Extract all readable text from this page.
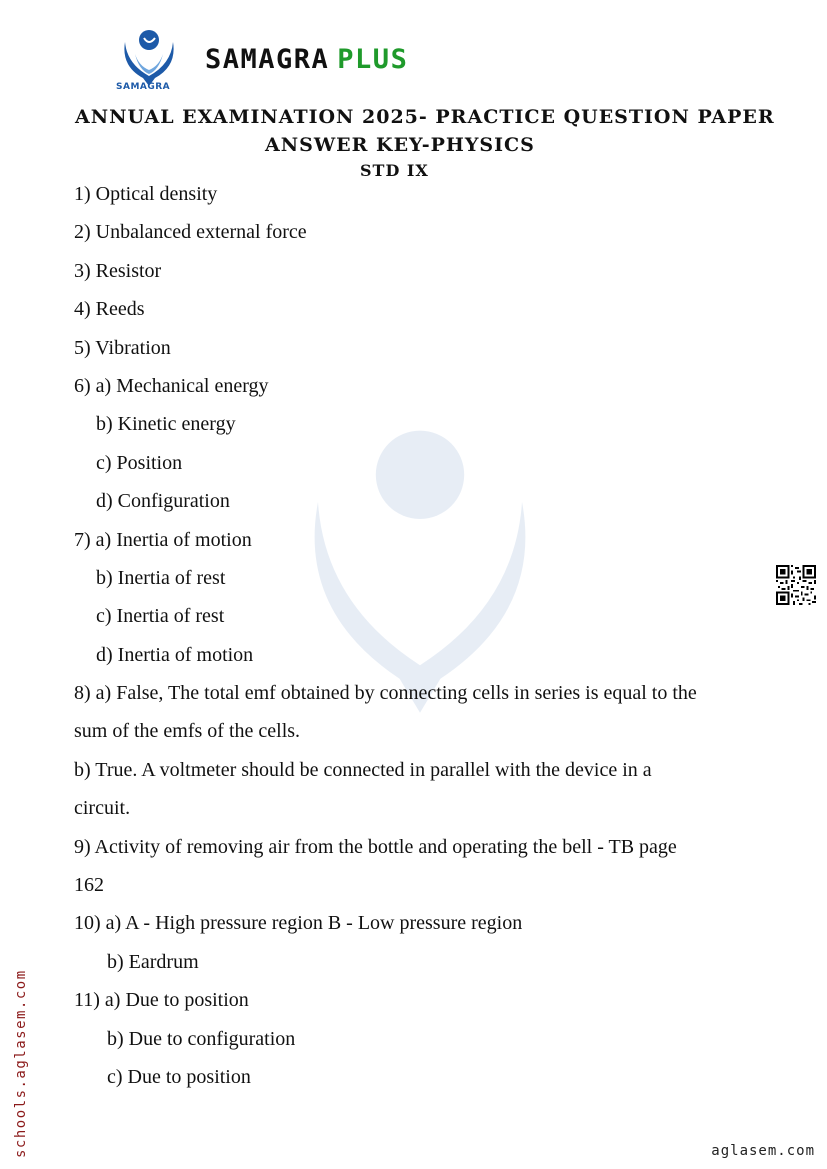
SAMAGRA
SAMAGRA PLUS
ANNUAL EXAMINATION 2025- PRACTICE QUESTION PAPER
ANSWER KEY-PHYSICS
STD IX
1) Optical density
2) Unbalanced external force
3) Resistor
4) Reeds
5) Vibration
6) a) Mechanical energy
b) Kinetic energy
c) Position
d) Configuration
7) a) Inertia of motion
b) Inertia of rest
c) Inertia of rest
d) Inertia of motion
8) a) False, The total emf obtained by connecting cells in series is equal to the
sum of the emfs of the cells.
b) True. A voltmeter should be connected in parallel with the device in a
circuit.
9) Activity of removing air from the bottle and operating the bell - TB page
162
10) a) A - High pressure region B - Low pressure region
b) Eardrum
11) a) Due to position
b) Due to configuration
c) Due to position
schools.aglasem.com	aglasem.com
